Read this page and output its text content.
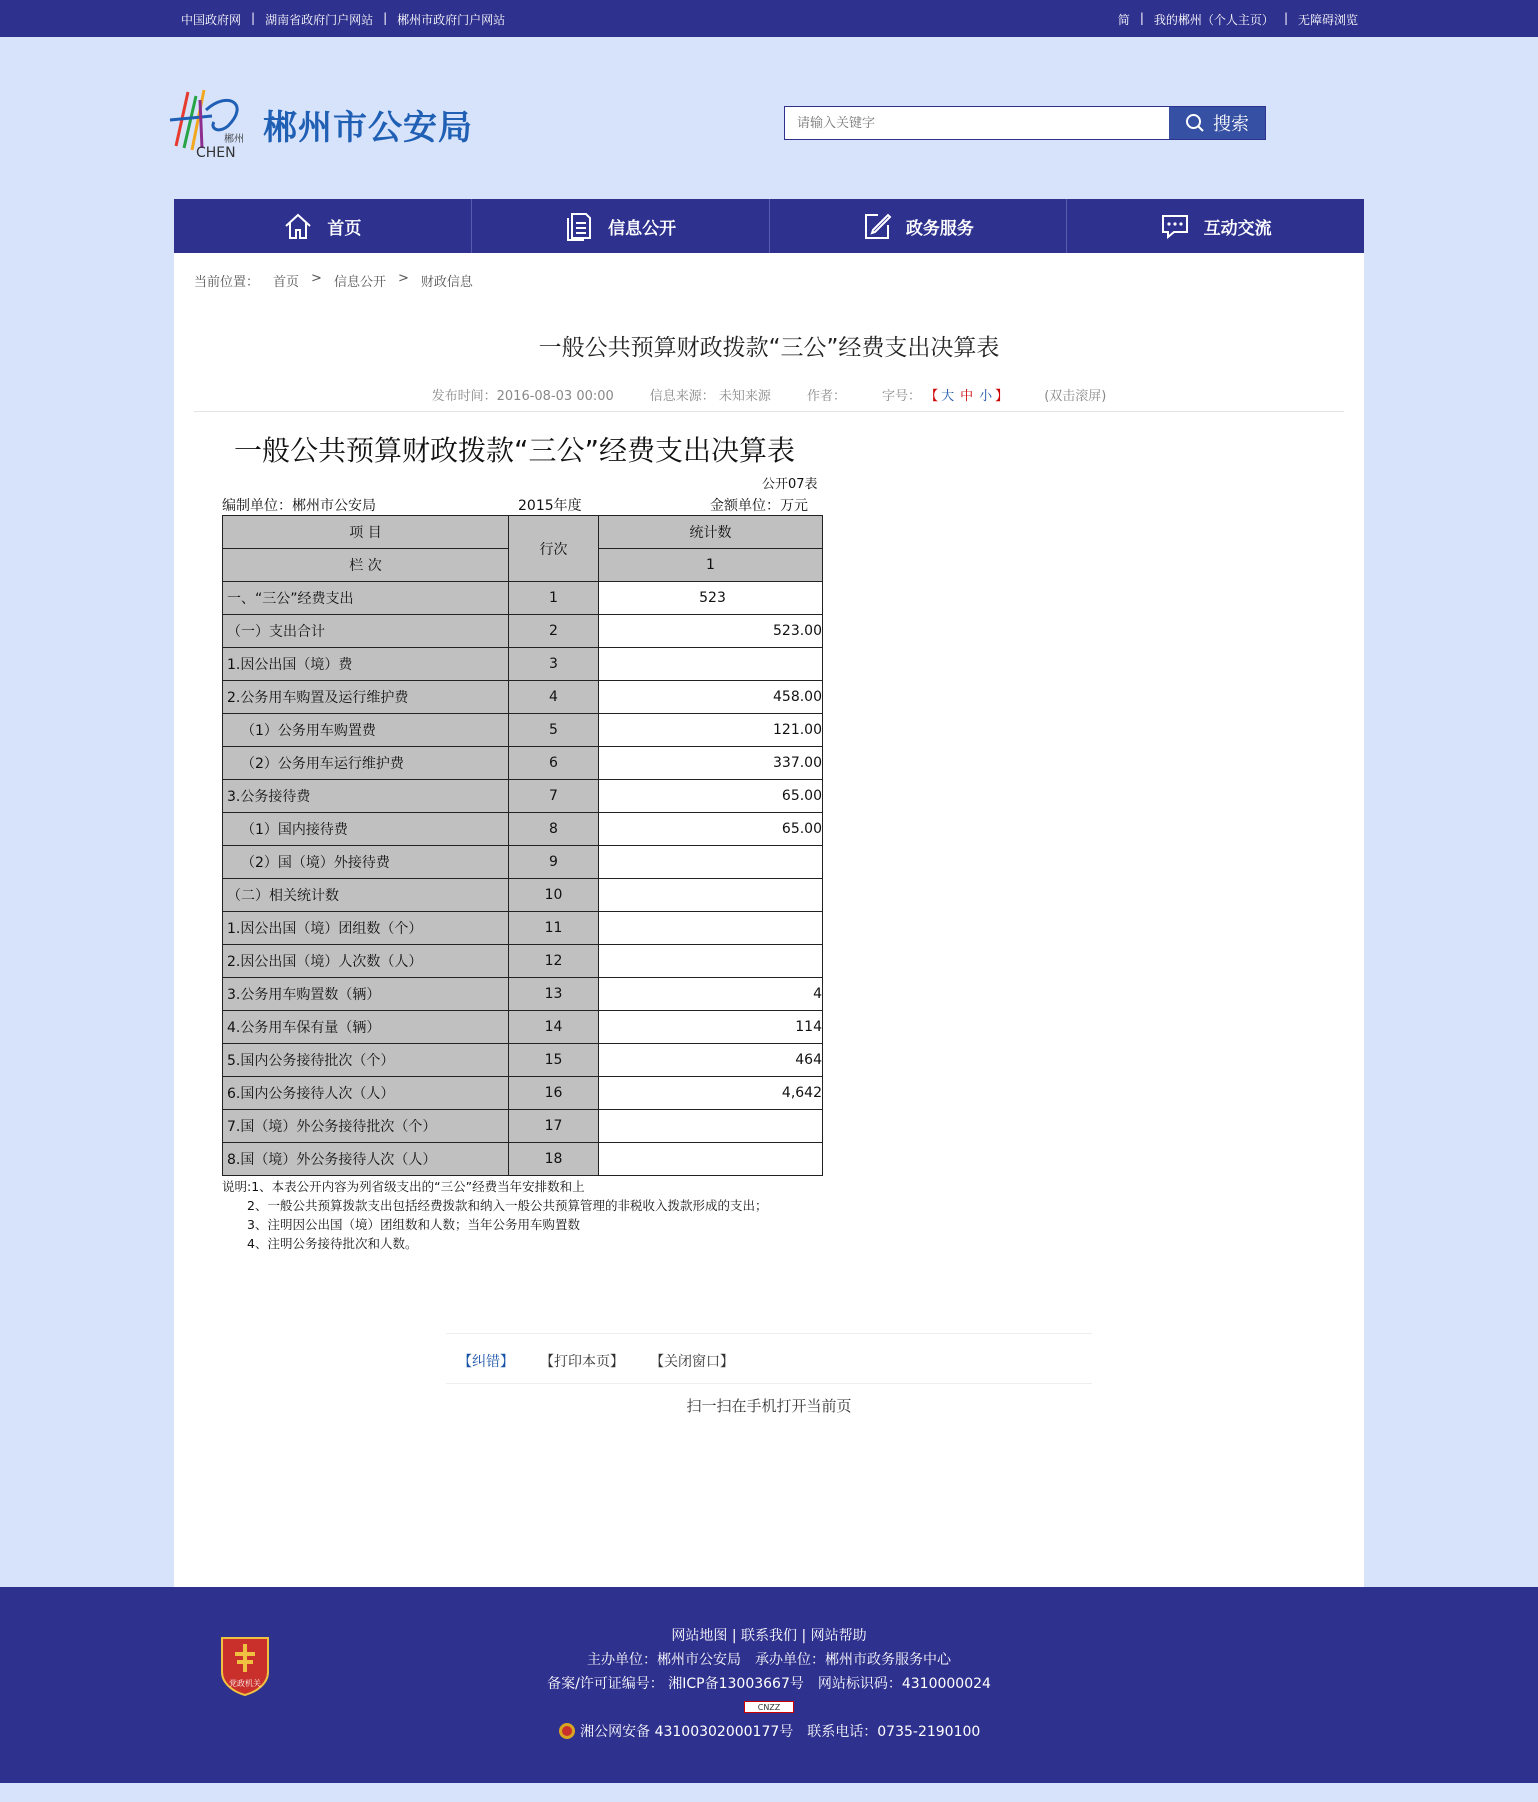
中国政府网 | 湖南省政府门户网站 | 郴州市政府门户网站	简 | 我的郴州（个人主页） | 无障碍浏览
郴州
CHEN
郴州市公安局
请输入关键字	搜索
首页	信息公开	政务服务	互动交流
当前位置：	首页 > 信息公开 > 财政信息
一般公共预算财政拨款“三公”经费支出决算表
发布时间：2016-08-03 00:00	信息来源： 未知来源	作者：	字号： 【 大 中 小 】	(双击滚屏)
一般公共预算财政拨款“三公”经费支出决算表
公开07表
编制单位：郴州市公安局	2015年度	金额单位：万元
项 目	行次	统计数
栏 次		1
一、“三公”经费支出	1	523
（一）支出合计	2	523.00
1.因公出国（境）费	3	
2.公务用车购置及运行维护费	4	458.00
（1）公务用车购置费	5	121.00
（2）公务用车运行维护费	6	337.00
3.公务接待费	7	65.00
（1）国内接待费	8	65.00
（2）国（境）外接待费	9	
（二）相关统计数	10	
1.因公出国（境）团组数（个）	11	
2.因公出国（境）人次数（人）	12	
3.公务用车购置数（辆）	13	4
4.公务用车保有量（辆）	14	114
5.国内公务接待批次（个）	15	464
6.国内公务接待人次（人）	16	4,642
7.国（境）外公务接待批次（个）	17	
8.国（境）外公务接待人次（人）	18	
说明:1、本表公开内容为列省级支出的“三公”经费当年安排数和上
　　2、一般公共预算拨款支出包括经费拨款和纳入一般公共预算管理的非税收入拨款形成的支出；
　　3、注明因公出国（境）团组数和人数；当年公务用车购置数
　　4、注明公务接待批次和人数。
【纠错】 【打印本页】 【关闭窗口】
扫一扫在手机打开当前页
党政机关
网站地图 | 联系我们 | 网站帮助
主办单位：郴州市公安局　承办单位：郴州市政务服务中心
备案/许可证编号： 湘ICP备13003667号　网站标识码：4310000024
CNZZ
湘公网安备 43100302000177号　联系电话：0735-2190100
